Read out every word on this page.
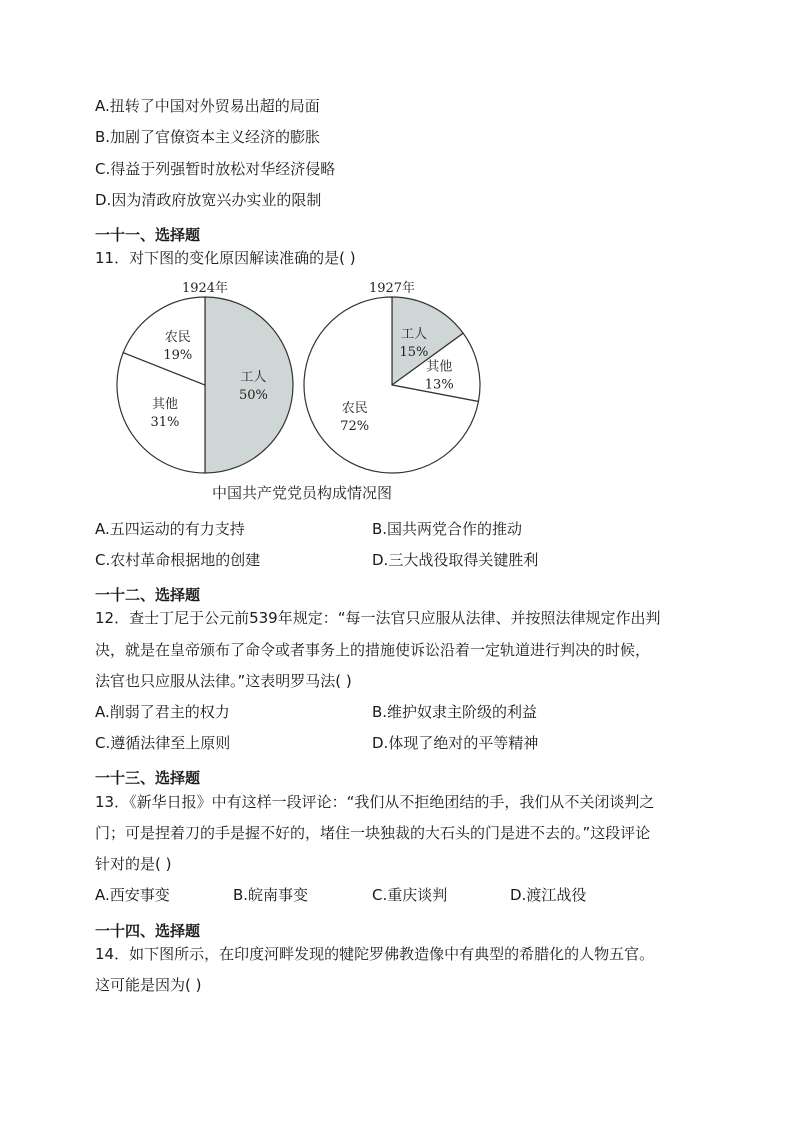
A.扭转了中国对外贸易出超的局面
B.加剧了官僚资本主义经济的膨胀
C.得益于列强暂时放松对华经济侵略
D.因为清政府放宽兴办实业的限制
一十一、选择题
11．对下图的变化原因解读准确的是( )
工人
50%
其他
31%
农民
19%
1924年
工人
15%
其他
13%
农民
72%
1927年
中国共产党党员构成情况图
A.五四运动的有力支持	B.国共两党合作的推动
C.农村革命根据地的创建	D.三大战役取得关键胜利
一十二、选择题
12．查士丁尼于公元前539年规定：“每一法官只应服从法律、并按照法律规定作出判
决，就是在皇帝颁布了命令或者事务上的措施使诉讼沿着一定轨道进行判决的时候，
法官也只应服从法律。”这表明罗马法( )
A.削弱了君主的权力	B.维护奴隶主阶级的利益
C.遵循法律至上原则	D.体现了绝对的平等精神
一十三、选择题
13．《新华日报》中有这样一段评论：“我们从不拒绝团结的手，我们从不关闭谈判之
门；可是捏着刀的手是握不好的，堵住一块独裁的大石头的门是进不去的。”这段评论
针对的是( )
A.西安事变	B.皖南事变	C.重庆谈判	D.渡江战役
一十四、选择题
14．如下图所示，在印度河畔发现的犍陀罗佛教造像中有典型的希腊化的人物五官。
这可能是因为( )
